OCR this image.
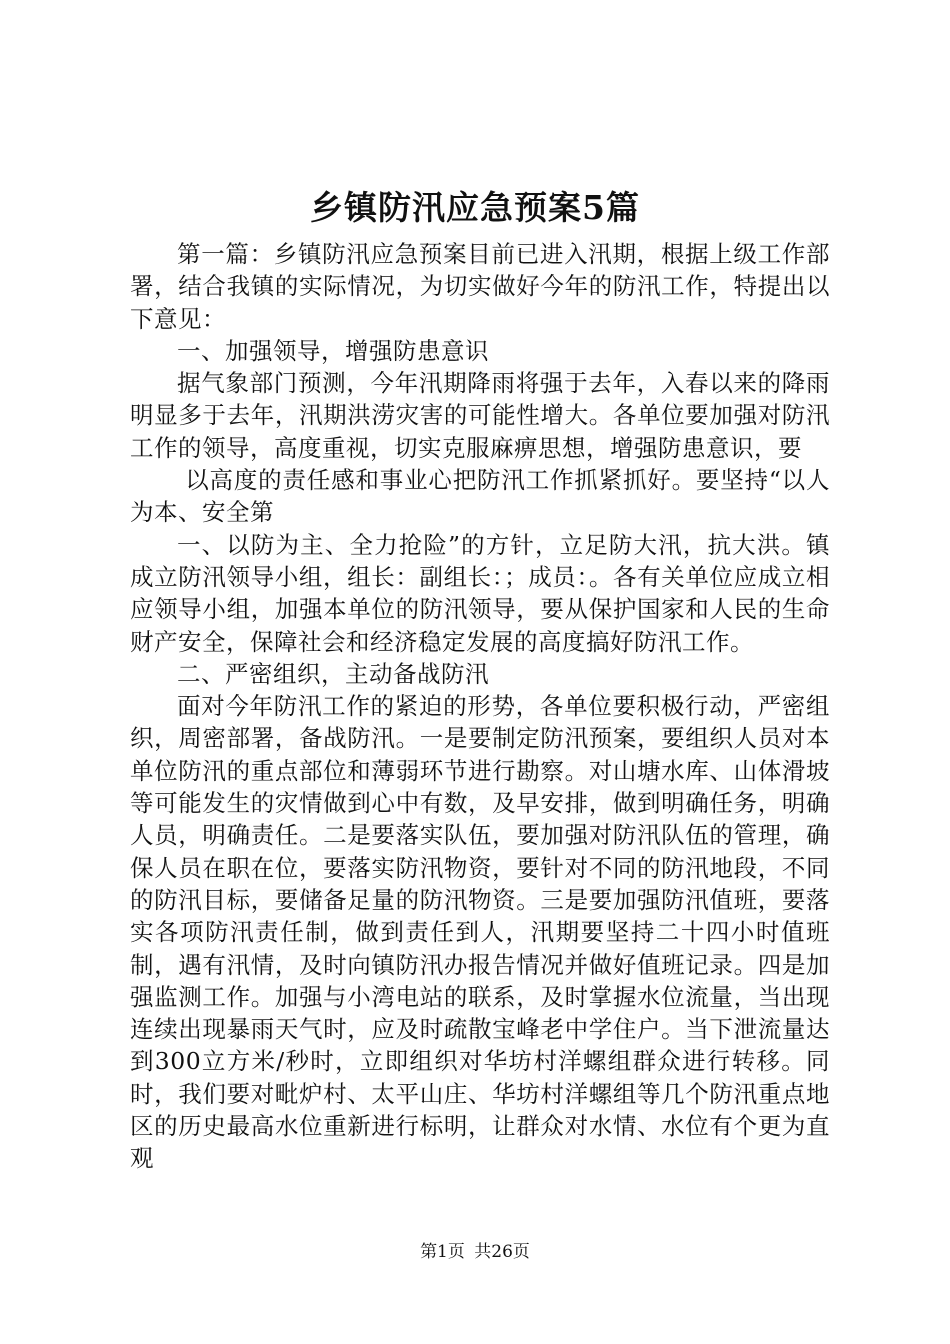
乡镇防汛应急预案5篇

第一篇：乡镇防汛应急预案目前已进入汛期，根据上级工作部署，结合我镇的实际情况，为切实做好今年的防汛工作，特提出以下意见：

一、加强领导，增强防患意识

据气象部门预测，今年汛期降雨将强于去年，入春以来的降雨明显多于去年，汛期洪涝灾害的可能性增大。各单位要加强对防汛工作的领导，高度重视，切实克服麻痹思想，增强防患意识，要

以高度的责任感和事业心把防汛工作抓紧抓好。要坚持“以人为本、安全第

一、以防为主、全力抢险”的方针，立足防大汛，抗大洪。镇成立防汛领导小组，组长：副组长：；成员：。各有关单位应成立相应领导小组，加强本单位的防汛领导，要从保护国家和人民的生命财产安全，保障社会和经济稳定发展的高度搞好防汛工作。

二、严密组织，主动备战防汛

面对今年防汛工作的紧迫的形势，各单位要积极行动，严密组织，周密部署，备战防汛。一是要制定防汛预案，要组织人员对本单位防汛的重点部位和薄弱环节进行勘察。对山塘水库、山体滑坡等可能发生的灾情做到心中有数，及早安排，做到明确任务，明确人员，明确责任。二是要落实队伍，要加强对防汛队伍的管理，确保人员在职在位，要落实防汛物资，要针对不同的防汛地段，不同的防汛目标，要储备足量的防汛物资。三是要加强防汛值班，要落实各项防汛责任制，做到责任到人，汛期要坚持二十四小时值班制，遇有汛情，及时向镇防汛办报告情况并做好值班记录。四是加强监测工作。加强与小湾电站的联系，及时掌握水位流量，当出现连续出现暴雨天气时，应及时疏散宝峰老中学住户。当下泄流量达到300立方米/秒时，立即组织对华坊村洋螺组群众进行转移。同时，我们要对毗炉村、太平山庄、华坊村洋螺组等几个防汛重点地区的历史最高水位重新进行标明，让群众对水情、水位有个更为直观

第1页 共26页
